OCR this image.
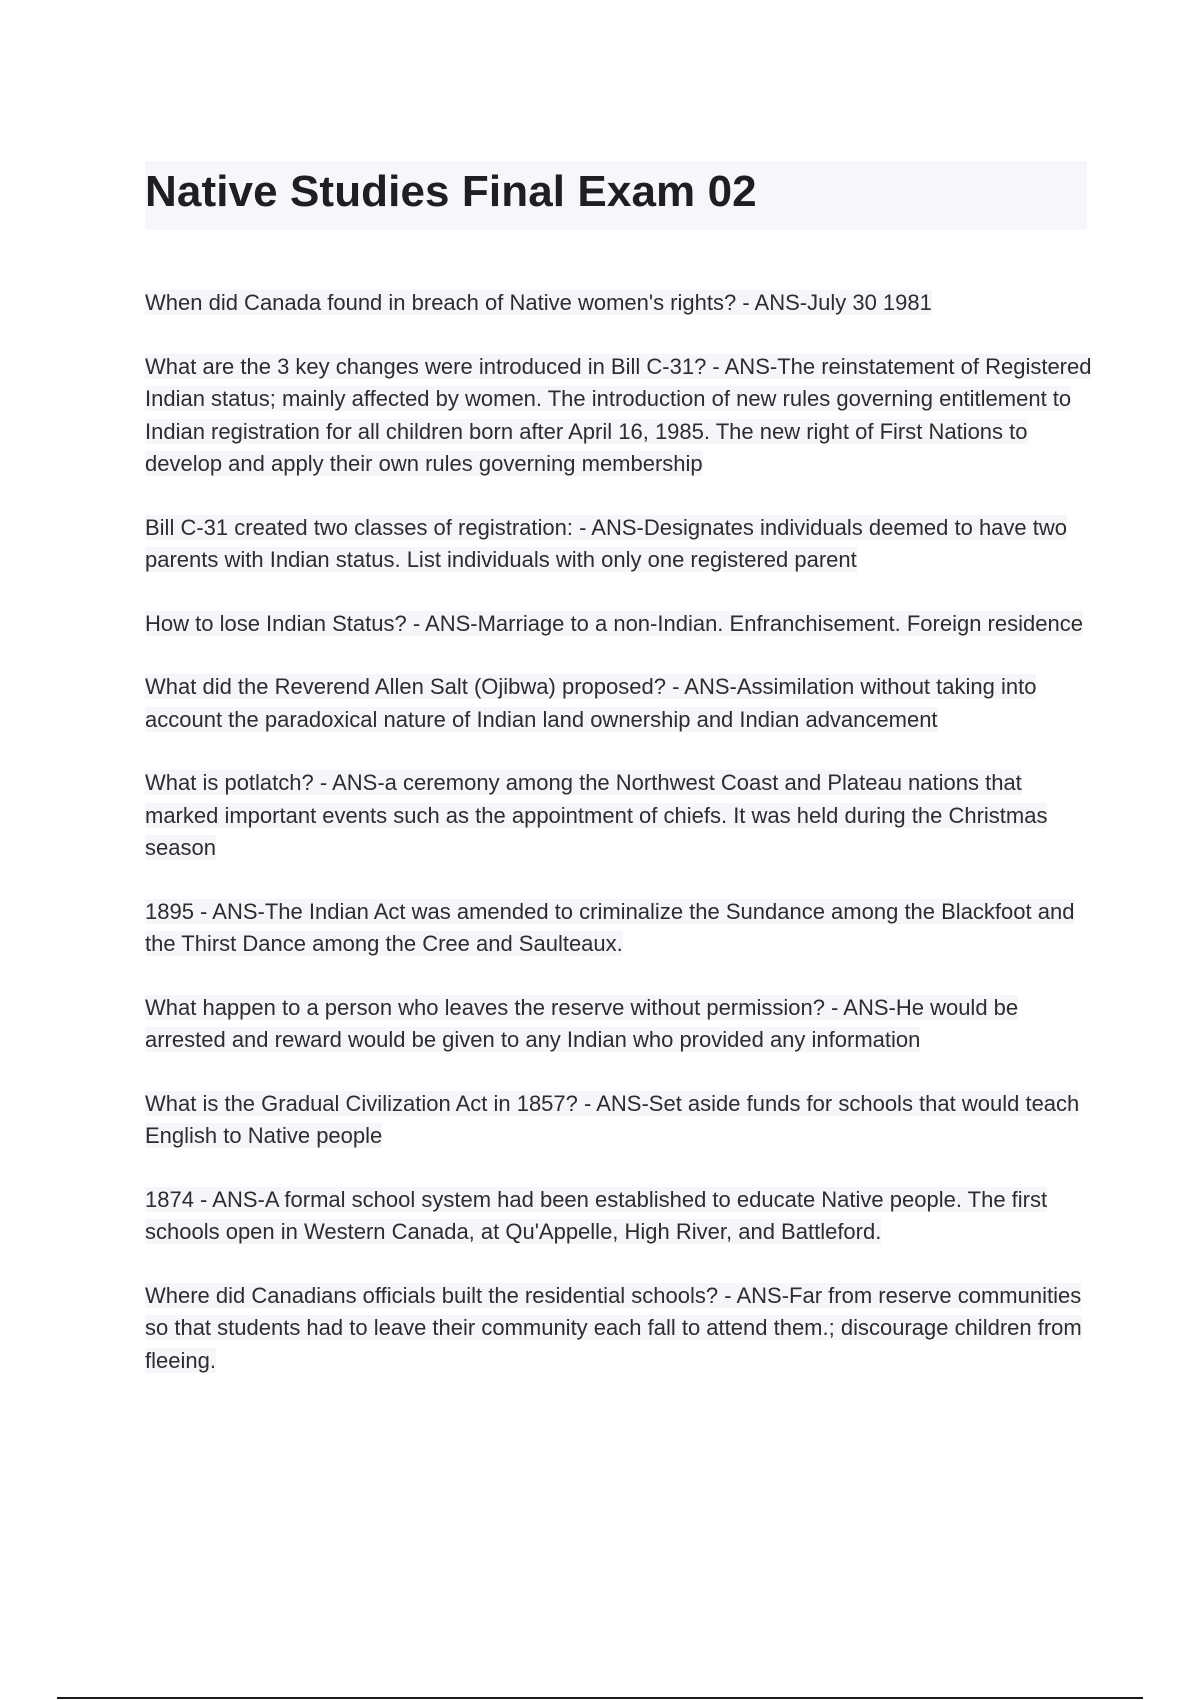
Native Studies Final Exam 02

When did Canada found in breach of Native women's rights? - ANS-July 30 1981

What are the 3 key changes were introduced in Bill C-31? - ANS-The reinstatement of Registered Indian status; mainly affected by women. The introduction of new rules governing entitlement to Indian registration for all children born after April 16, 1985. The new right of First Nations to develop and apply their own rules governing membership

Bill C-31 created two classes of registration: - ANS-Designates individuals deemed to have two parents with Indian status. List individuals with only one registered parent

How to lose Indian Status? - ANS-Marriage to a non-Indian. Enfranchisement. Foreign residence

What did the Reverend Allen Salt (Ojibwa) proposed? - ANS-Assimilation without taking into account the paradoxical nature of Indian land ownership and Indian advancement

What is potlatch? - ANS-a ceremony among the Northwest Coast and Plateau nations that marked important events such as the appointment of chiefs. It was held during the Christmas season

1895 - ANS-The Indian Act was amended to criminalize the Sundance among the Blackfoot and the Thirst Dance among the Cree and Saulteaux.

What happen to a person who leaves the reserve without permission? - ANS-He would be arrested and reward would be given to any Indian who provided any information

What is the Gradual Civilization Act in 1857? - ANS-Set aside funds for schools that would teach English to Native people

1874 - ANS-A formal school system had been established to educate Native people. The first schools open in Western Canada, at Qu'Appelle, High River, and Battleford.

Where did Canadians officials built the residential schools? - ANS-Far from reserve communities so that students had to leave their community each fall to attend them.; discourage children from fleeing.
